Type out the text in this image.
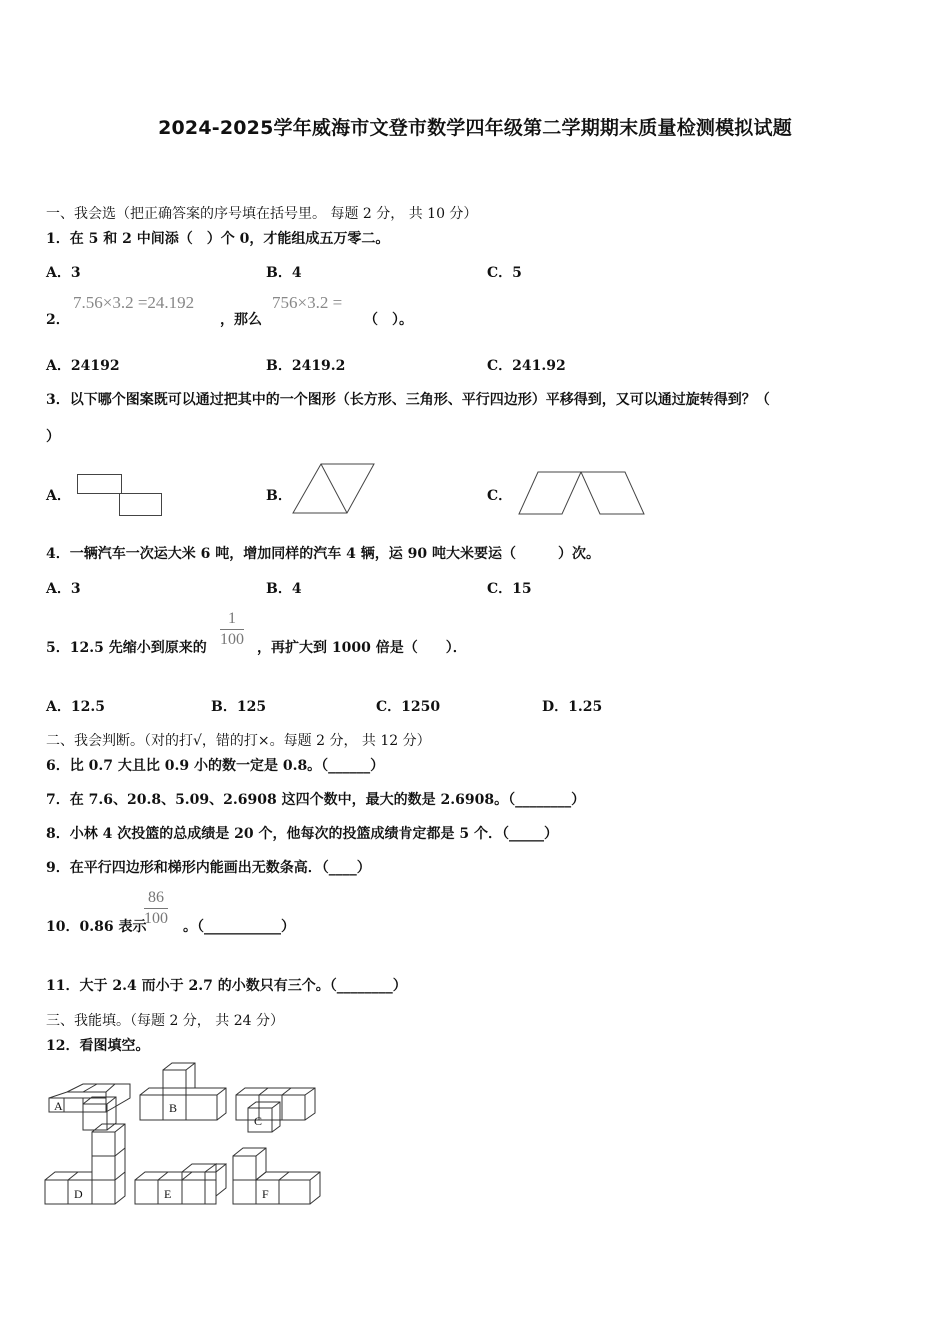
2024-2025学年威海市文登市数学四年级第二学期期末质量检测模拟试题
一、我会选（把正确答案的序号填在括号里。 每题 2 分， 共 10 分）
1．在 5 和 2 中间添（　）个 0，才能组成五万零二。
A．3	B．4	C．5
2．
7.56×3.2 =24.192
，那么
756×3.2 =
（　）。
A．24192	B．2419.2	C．241.92
3．以下哪个图案既可以通过把其中的一个图形（长方形、三角形、平行四边形）平移得到，又可以通过旋转得到？（
）
A．	B．	C．
4．一辆汽车一次运大米 6 吨，增加同样的汽车 4 辆，运 90 吨大米要运（　　　）次。
A．3	B．4	C．15
5．12.5 先缩小到原来的 $\frac{1}{100}$ ，再扩大到 1000 倍是（　　）．
A．12.5	B．125	C．1250	D．1.25
二、我会判断。（对的打√，错的打×。每题 2 分， 共 12 分）
6．比 0.7 大且比 0.9 小的数一定是 0.8。（______）
7．在 7.6、20.8、5.09、2.6908 这四个数中，最大的数是 2.6908。（________）
8．小林 4 次投篮的总成绩是 20 个，他每次的投篮成绩肯定都是 5 个．（_____）
9．在平行四边形和梯形内能画出无数条高．（____）
10．0.86 表示
$\frac{86}{100}$ 。（___________）
11．大于 2.4 而小于 2.7 的小数只有三个。（________）
三、我能填。（每题 2 分， 共 24 分）
12．看图填空。
A	B
C
D	E	F
